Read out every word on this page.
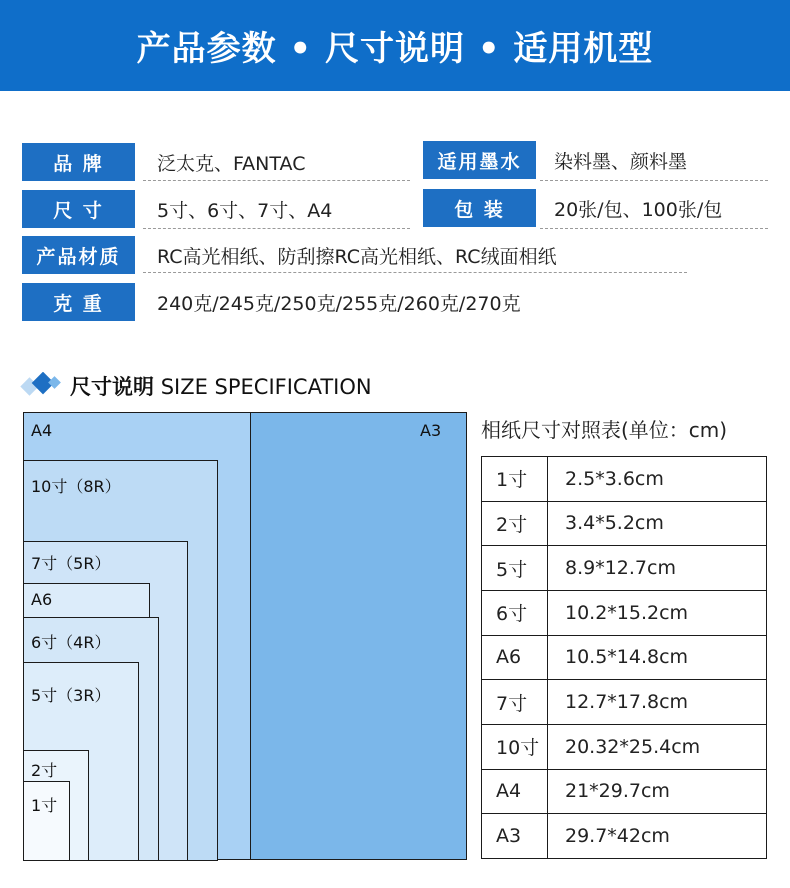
产品参数 • 尺寸说明 • 适用机型
品 牌	泛太克、FANTAC	适用墨水	染料墨、颜料墨
尺 寸	5寸、6寸、7寸、A4	包 装	20张/包、100张/包
产品材质	RC高光相纸、防刮擦RC高光相纸、RC绒面相纸
克 重	240克/245克/250克/255克/260克/270克
尺寸说明 SIZE SPECIFICATION
A3
A4
10寸（8R）
7寸（5R）
A6
6寸（4R）
5寸（3R）
2寸
1寸
相纸尺寸对照表(单位：cm)
1寸	2.5*3.6cm
2寸	3.4*5.2cm
5寸	8.9*12.7cm
6寸	10.2*15.2cm
A6	10.5*14.8cm
7寸	12.7*17.8cm
10寸	20.32*25.4cm
A4	21*29.7cm
A3	29.7*42cm
